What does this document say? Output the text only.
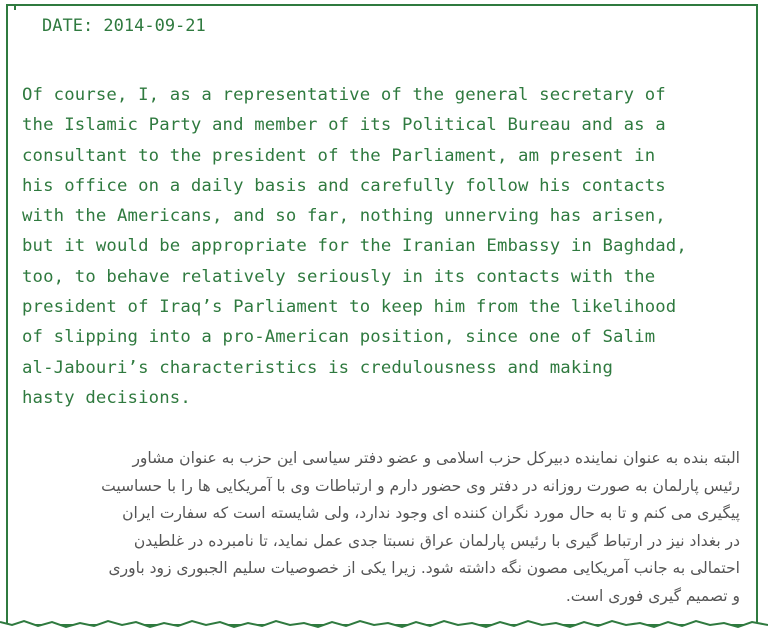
DATE: 2014-09-21
Of course, I, as a representative of the general secretary of
the Islamic Party and member of its Political Bureau and as a
consultant to the president of the Parliament, am present in
his office on a daily basis and carefully follow his contacts
with the Americans, and so far, nothing unnerving has arisen,
but it would be appropriate for the Iranian Embassy in Baghdad,
too, to behave relatively seriously in its contacts with the
president of Iraq’s Parliament to keep him from the likelihood
of slipping into a pro-American position, since one of Salim
al-Jabouri’s characteristics is credulousness and making
hasty decisions.
البته بنده به عنوان نماینده دبیرکل حزب اسلامی و عضو دفتر سیاسی این حزب به عنوان مشاور
رئیس پارلمان به صورت روزانه در دفتر وی حضور دارم و ارتباطات وی با آمریکایی ها را با حساسیت
پیگیری می کنم و تا به حال مورد نگران کننده ای وجود ندارد، ولی شایسته است که سفارت ایران
در بغداد نیز در ارتباط گیری با رئیس پارلمان عراق نسبتا جدی عمل نماید، تا نامبرده در غلطیدن
احتمالی به جانب آمریکایی مصون نگه داشته شود. زیرا یکی از خصوصیات سلیم الجبوری زود باوری
و تصمیم گیری فوری است.
